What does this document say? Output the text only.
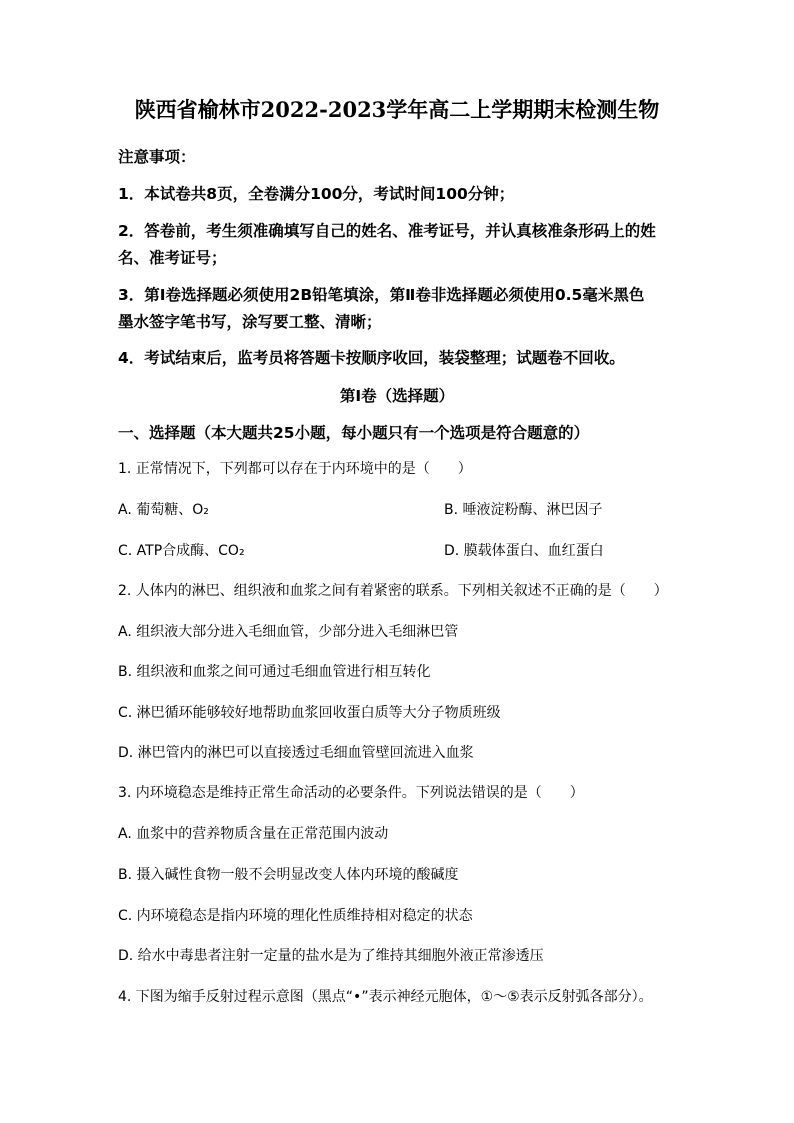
陕西省榆林市2022-2023学年高二上学期期末检测生物
注意事项：
1．本试卷共8页，全卷满分100分，考试时间100分钟；
2．答卷前，考生须准确填写自己的姓名、准考证号，并认真核准条形码上的姓
名、准考证号；
3．第Ⅰ卷选择题必须使用2B铅笔填涂，第Ⅱ卷非选择题必须使用0.5毫米黑色
墨水签字笔书写，涂写要工整、清晰；
4．考试结束后，监考员将答题卡按顺序收回，装袋整理；试题卷不回收。
第Ⅰ卷（选择题）
一、选择题（本大题共25小题，每小题只有一个选项是符合题意的）
1. 正常情况下，下列都可以存在于内环境中的是（　　）
A. 葡萄糖、O₂	B. 唾液淀粉酶、淋巴因子
C. ATP合成酶、CO₂	D. 膜载体蛋白、血红蛋白
2. 人体内的淋巴、组织液和血浆之间有着紧密的联系。下列相关叙述不正确的是（　　）
A. 组织液大部分进入毛细血管，少部分进入毛细淋巴管
B. 组织液和血浆之间可通过毛细血管进行相互转化
C. 淋巴循环能够较好地帮助血浆回收蛋白质等大分子物质班级
D. 淋巴管内的淋巴可以直接透过毛细血管壁回流进入血浆
3. 内环境稳态是维持正常生命活动的必要条件。下列说法错误的是（　　）
A. 血浆中的营养物质含量在正常范围内波动
B. 摄入碱性食物一般不会明显改变人体内环境的酸碱度
C. 内环境稳态是指内环境的理化性质维持相对稳定的状态
D. 给水中毒患者注射一定量的盐水是为了维持其细胞外液正常渗透压
4. 下图为缩手反射过程示意图（黑点“•”表示神经元胞体，①～⑤表示反射弧各部分）。
